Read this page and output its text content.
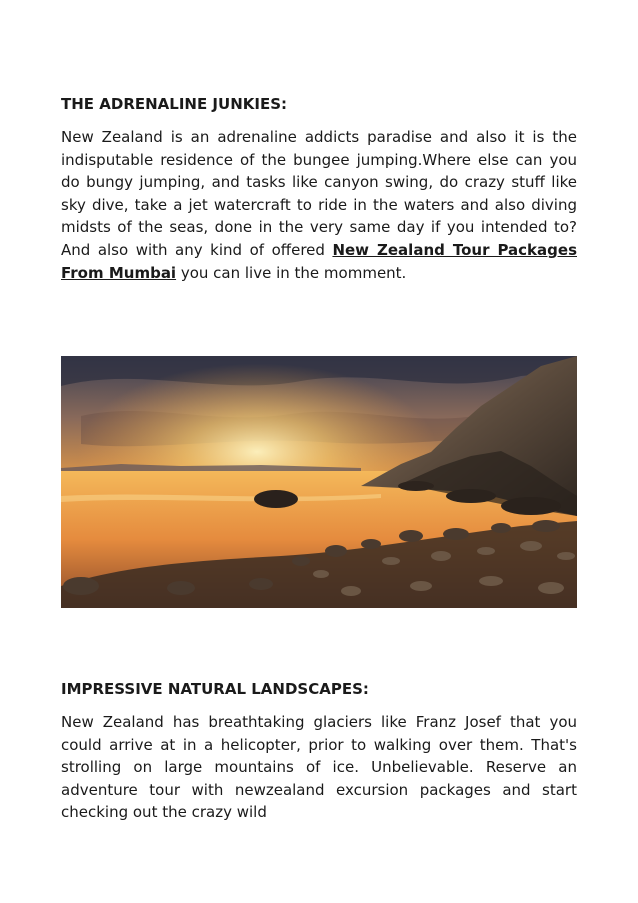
THE ADRENALINE JUNKIES:

New Zealand is an adrenaline addicts paradise and also it is the indisputable residence of the bungee jumping.Where else can you do bungy jumping, and tasks like canyon swing, do crazy stuff like sky dive, take a jet watercraft to ride in the waters and also diving midsts of the seas, done in the very same day if you intended to? And also with any kind of offered New Zealand Tour Packages From Mumbai you can live in the momment.

IMPRESSIVE NATURAL LANDSCAPES:

New Zealand has breathtaking glaciers like Franz Josef that you could arrive at in a helicopter, prior to walking over them. That's strolling on large mountains of ice. Unbelievable. Reserve an adventure tour with newzealand excursion packages and start checking out the crazy wild
